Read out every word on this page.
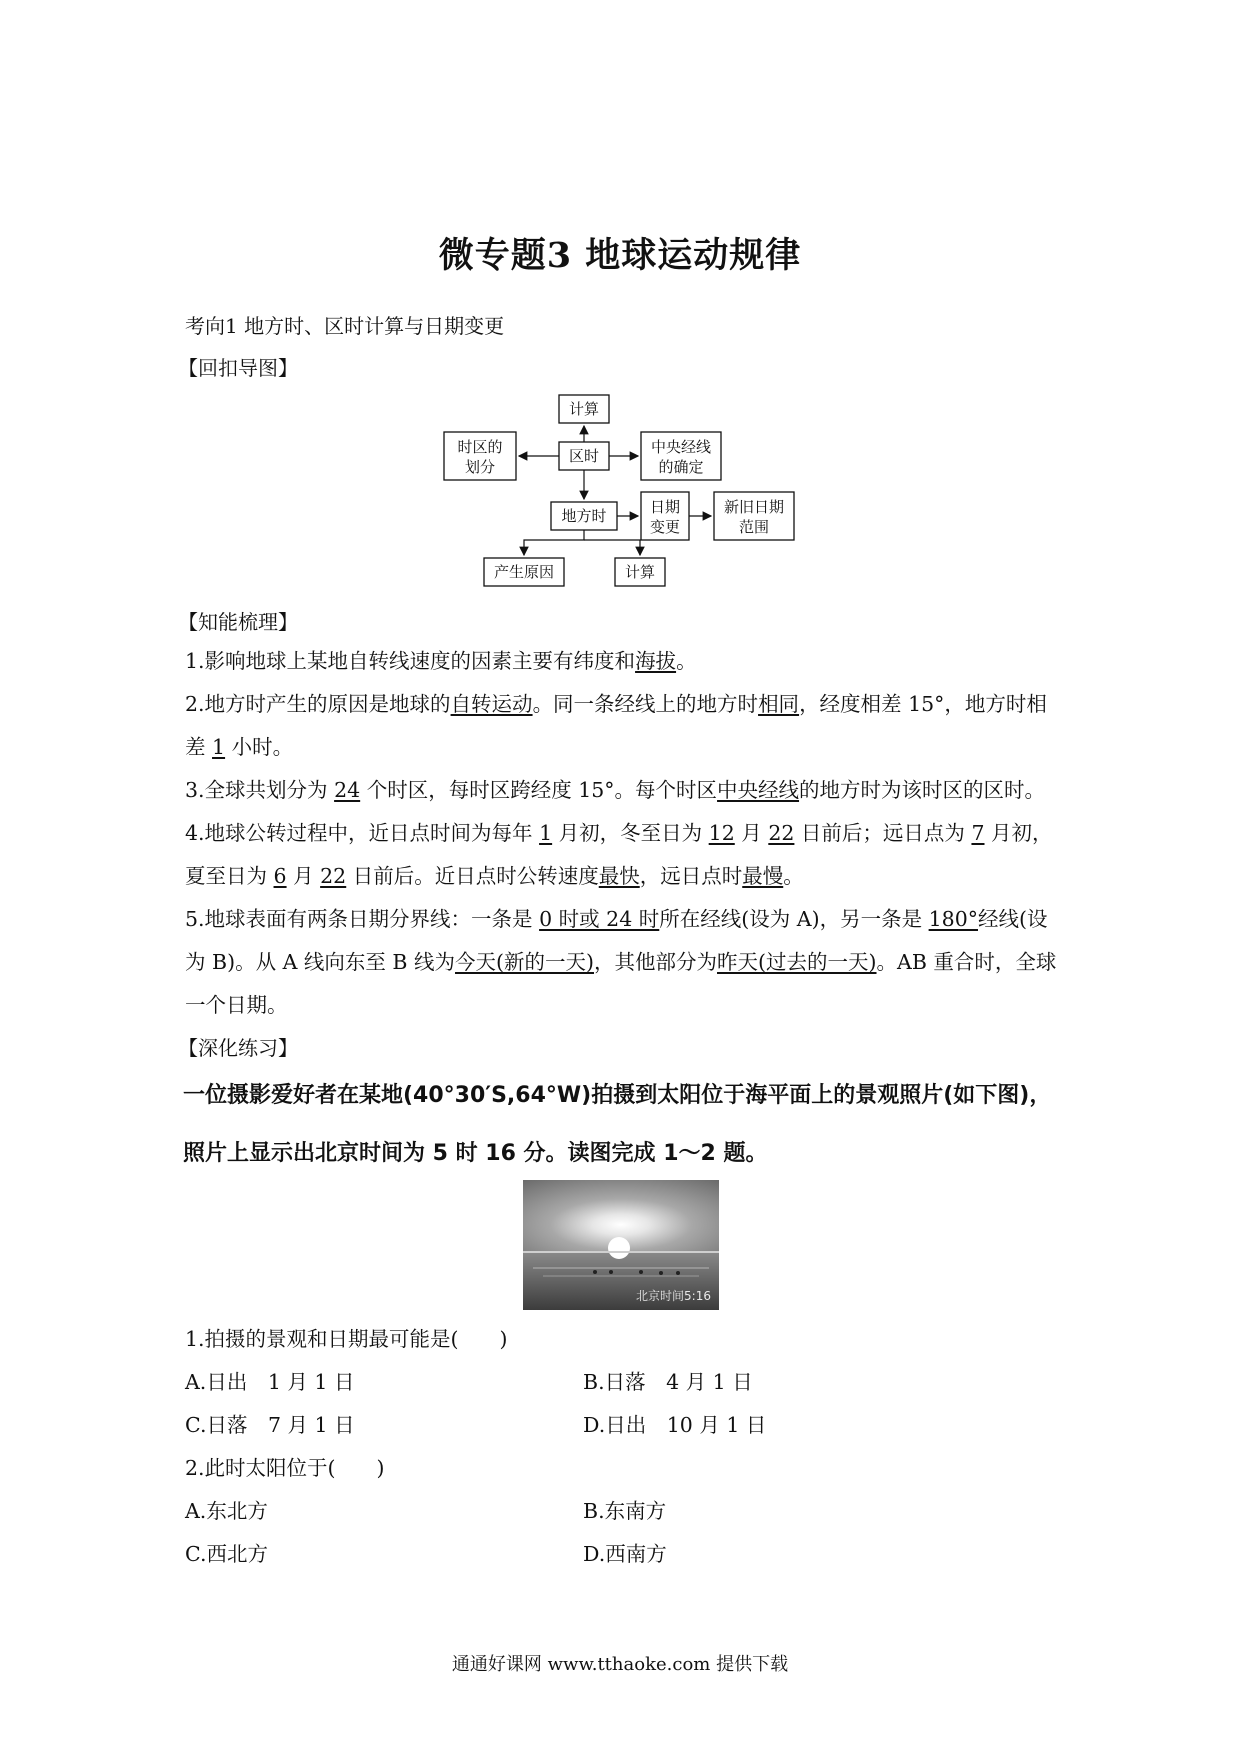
微专题3 地球运动规律
考向1 地方时、区时计算与日期变更
【回扣导图】
计算
时区的
划分
区时	中央经线
的确定
地方时	日期
变更
新旧日期
范围
产生原因	计算
【知能梳理】
1.影响地球上某地自转线速度的因素主要有纬度和海拔。
2.地方时产生的原因是地球的自转运动。同一条经线上的地方时相同，经度相差 15°，地方时相差 1 小时。
3.全球共划分为 24 个时区，每时区跨经度 15°。每个时区中央经线的地方时为该时区的区时。
4.地球公转过程中，近日点时间为每年 1 月初，冬至日为 12 月 22 日前后；远日点为 7 月初，夏至日为 6 月 22 日前后。近日点时公转速度最快，远日点时最慢。
5.地球表面有两条日期分界线：一条是 0 时或 24 时所在经线(设为 A)，另一条是 180°经线(设为 B)。从 A 线向东至 B 线为今天(新的一天)，其他部分为昨天(过去的一天)。AB 重合时，全球一个日期。
【深化练习】
一位摄影爱好者在某地(40°30′S,64°W)拍摄到太阳位于海平面上的景观照片(如下图)，照片上显示出北京时间为 5 时 16 分。读图完成 1～2 题。
北京时间5:16
1.拍摄的景观和日期最可能是(　　)
A.日出　1 月 1 日	B.日落　4 月 1 日
C.日落　7 月 1 日	D.日出　10 月 1 日
2.此时太阳位于(　　)
A.东北方	B.东南方
C.西北方	D.西南方
通通好课网 www.tthaoke.com 提供下载
